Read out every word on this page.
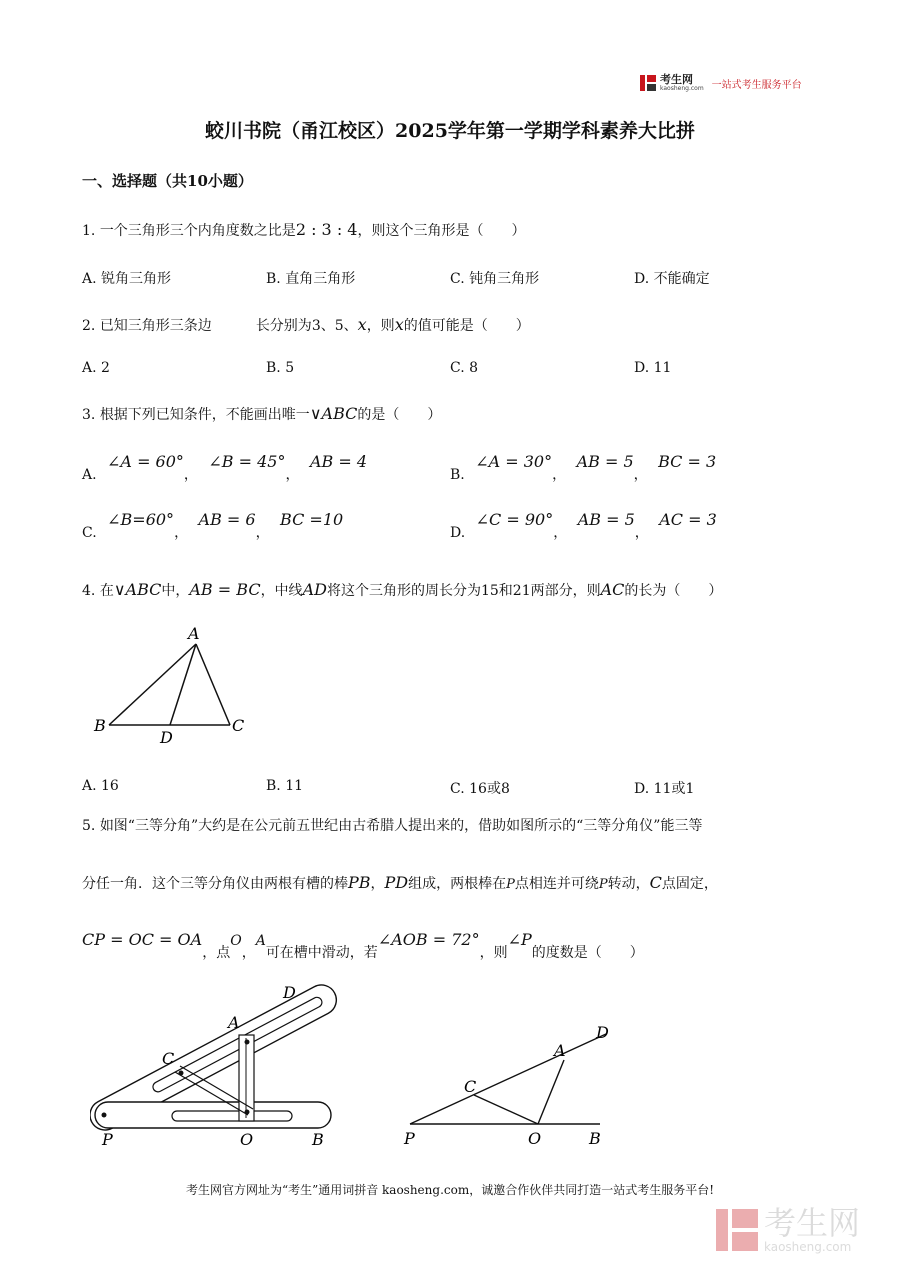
考生网
kaosheng.com 一站式考生服务平台
蛟川书院（甬江校区）2025学年第一学期学科素养大比拼
一、选择题（共10小题）
1. 一个三角形三个内角度数之比是2 : 3 : 4，则这个三角形是（　　）
A. 锐角三角形	B. 直角三角形	C. 钝角三角形	D. 不能确定
2. 已知三角形三条边	长分别为3、5、x，则x的值可能是（　　）
A. 2	B. 5	C. 8	D. 11
3. 根据下列已知条件，不能画出唯一∨ABC的是（　　）
A. ∠A = 60°， ∠B = 45°， AB = 4
B. ∠A = 30°， AB = 5， BC = 3
C. ∠B=60°， AB = 6， BC =10
D. ∠C = 90°， AB = 5， AC = 3
4. 在∨ABC中，AB = BC，中线AD将这个三角形的周长分为15和21两部分，则AC的长为（　　）
A
B	C
D
A. 16	B. 11	C. 16或8	D. 11或1
5. 如图“三等分角”大约是在公元前五世纪由古希腊人提出来的，借助如图所示的“三等分角仪”能三等
分任一角．这个三等分角仪由两根有槽的棒PB，PD组成，两根棒在P点相连并可绕P转动，C点固定，
CP = OC = OA，点O，A可在槽中滑动，若∠AOB = 72°，则∠P的度数是（　　）
D
A
C
P	O	B
D
A
C
P	O	B
考生网官方网址为“考生”通用词拼音 kaosheng.com，诚邀合作伙伴共同打造一站式考生服务平台!
考生网
kaosheng.com
